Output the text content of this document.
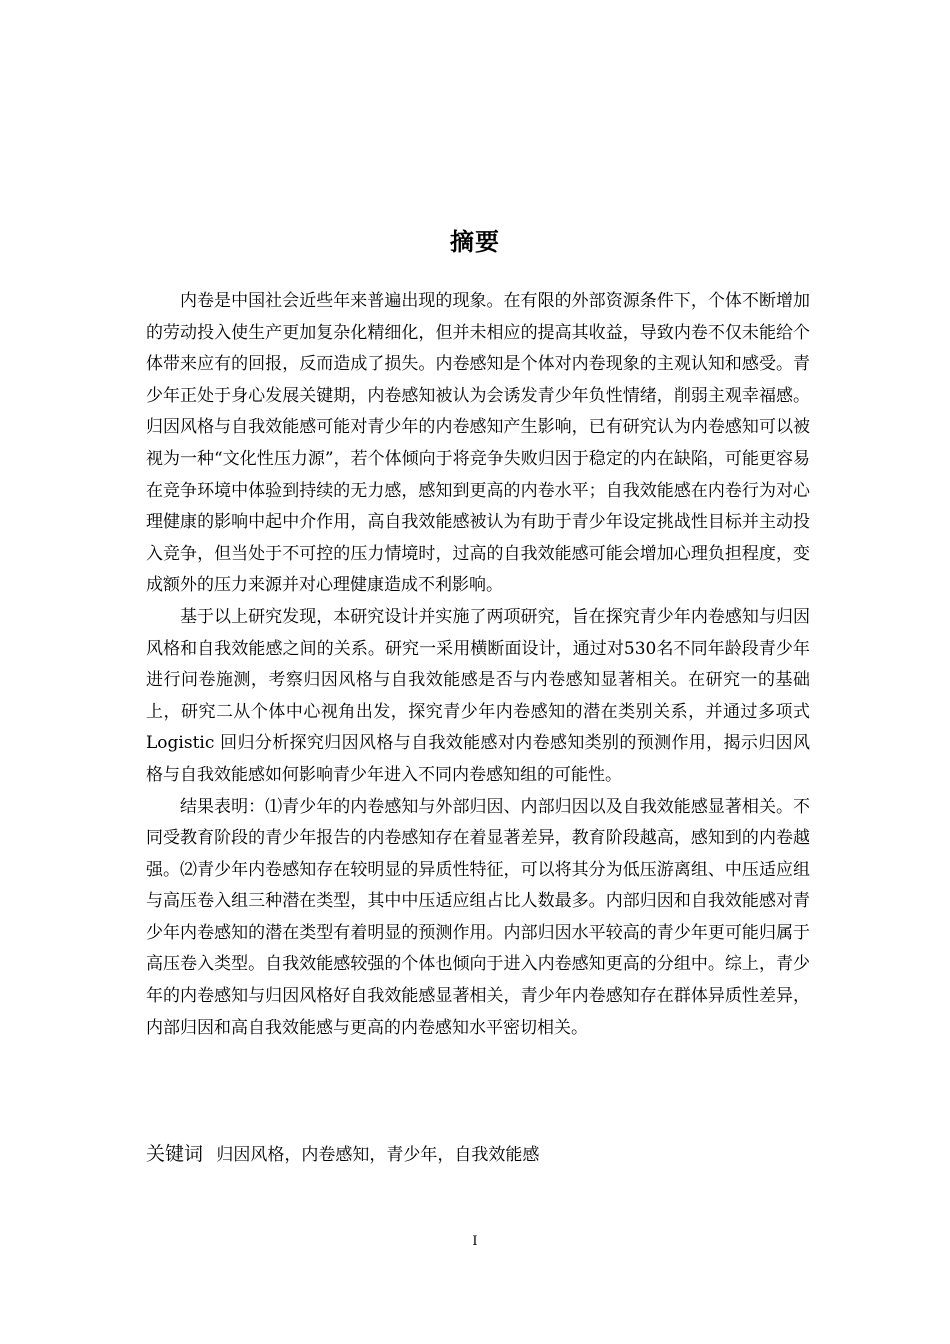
摘要

内卷是中国社会近些年来普遍出现的现象。在有限的外部资源条件下，个体不断增加的劳动投入使生产更加复杂化精细化，但并未相应的提高其收益，导致内卷不仅未能给个体带来应有的回报，反而造成了损失。内卷感知是个体对内卷现象的主观认知和感受。青少年正处于身心发展关键期，内卷感知被认为会诱发青少年负性情绪，削弱主观幸福感。归因风格与自我效能感可能对青少年的内卷感知产生影响，已有研究认为内卷感知可以被视为一种“文化性压力源”，若个体倾向于将竞争失败归因于稳定的内在缺陷，可能更容易在竞争环境中体验到持续的无力感，感知到更高的内卷水平；自我效能感在内卷行为对心理健康的影响中起中介作用，高自我效能感被认为有助于青少年设定挑战性目标并主动投入竞争，但当处于不可控的压力情境时，过高的自我效能感可能会增加心理负担程度，变成额外的压力来源并对心理健康造成不利影响。

基于以上研究发现，本研究设计并实施了两项研究，旨在探究青少年内卷感知与归因风格和自我效能感之间的关系。研究一采用横断面设计，通过对530名不同年龄段青少年进行问卷施测，考察归因风格与自我效能感是否与内卷感知显著相关。在研究一的基础上，研究二从个体中心视角出发，探究青少年内卷感知的潜在类别关系，并通过多项式 Logistic 回归分析探究归因风格与自我效能感对内卷感知类别的预测作用，揭示归因风格与自我效能感如何影响青少年进入不同内卷感知组的可能性。

结果表明：⑴青少年的内卷感知与外部归因、内部归因以及自我效能感显著相关。不同受教育阶段的青少年报告的内卷感知存在着显著差异，教育阶段越高，感知到的内卷越强。⑵青少年内卷感知存在较明显的异质性特征，可以将其分为低压游离组、中压适应组与高压卷入组三种潜在类型，其中中压适应组占比人数最多。内部归因和自我效能感对青少年内卷感知的潜在类型有着明显的预测作用。内部归因水平较高的青少年更可能归属于高压卷入类型。自我效能感较强的个体也倾向于进入内卷感知更高的分组中。综上，青少年的内卷感知与归因风格好自我效能感显著相关，青少年内卷感知存在群体异质性差异，内部归因和高自我效能感与更高的内卷感知水平密切相关。

关键词 归因风格，内卷感知，青少年，自我效能感
I
